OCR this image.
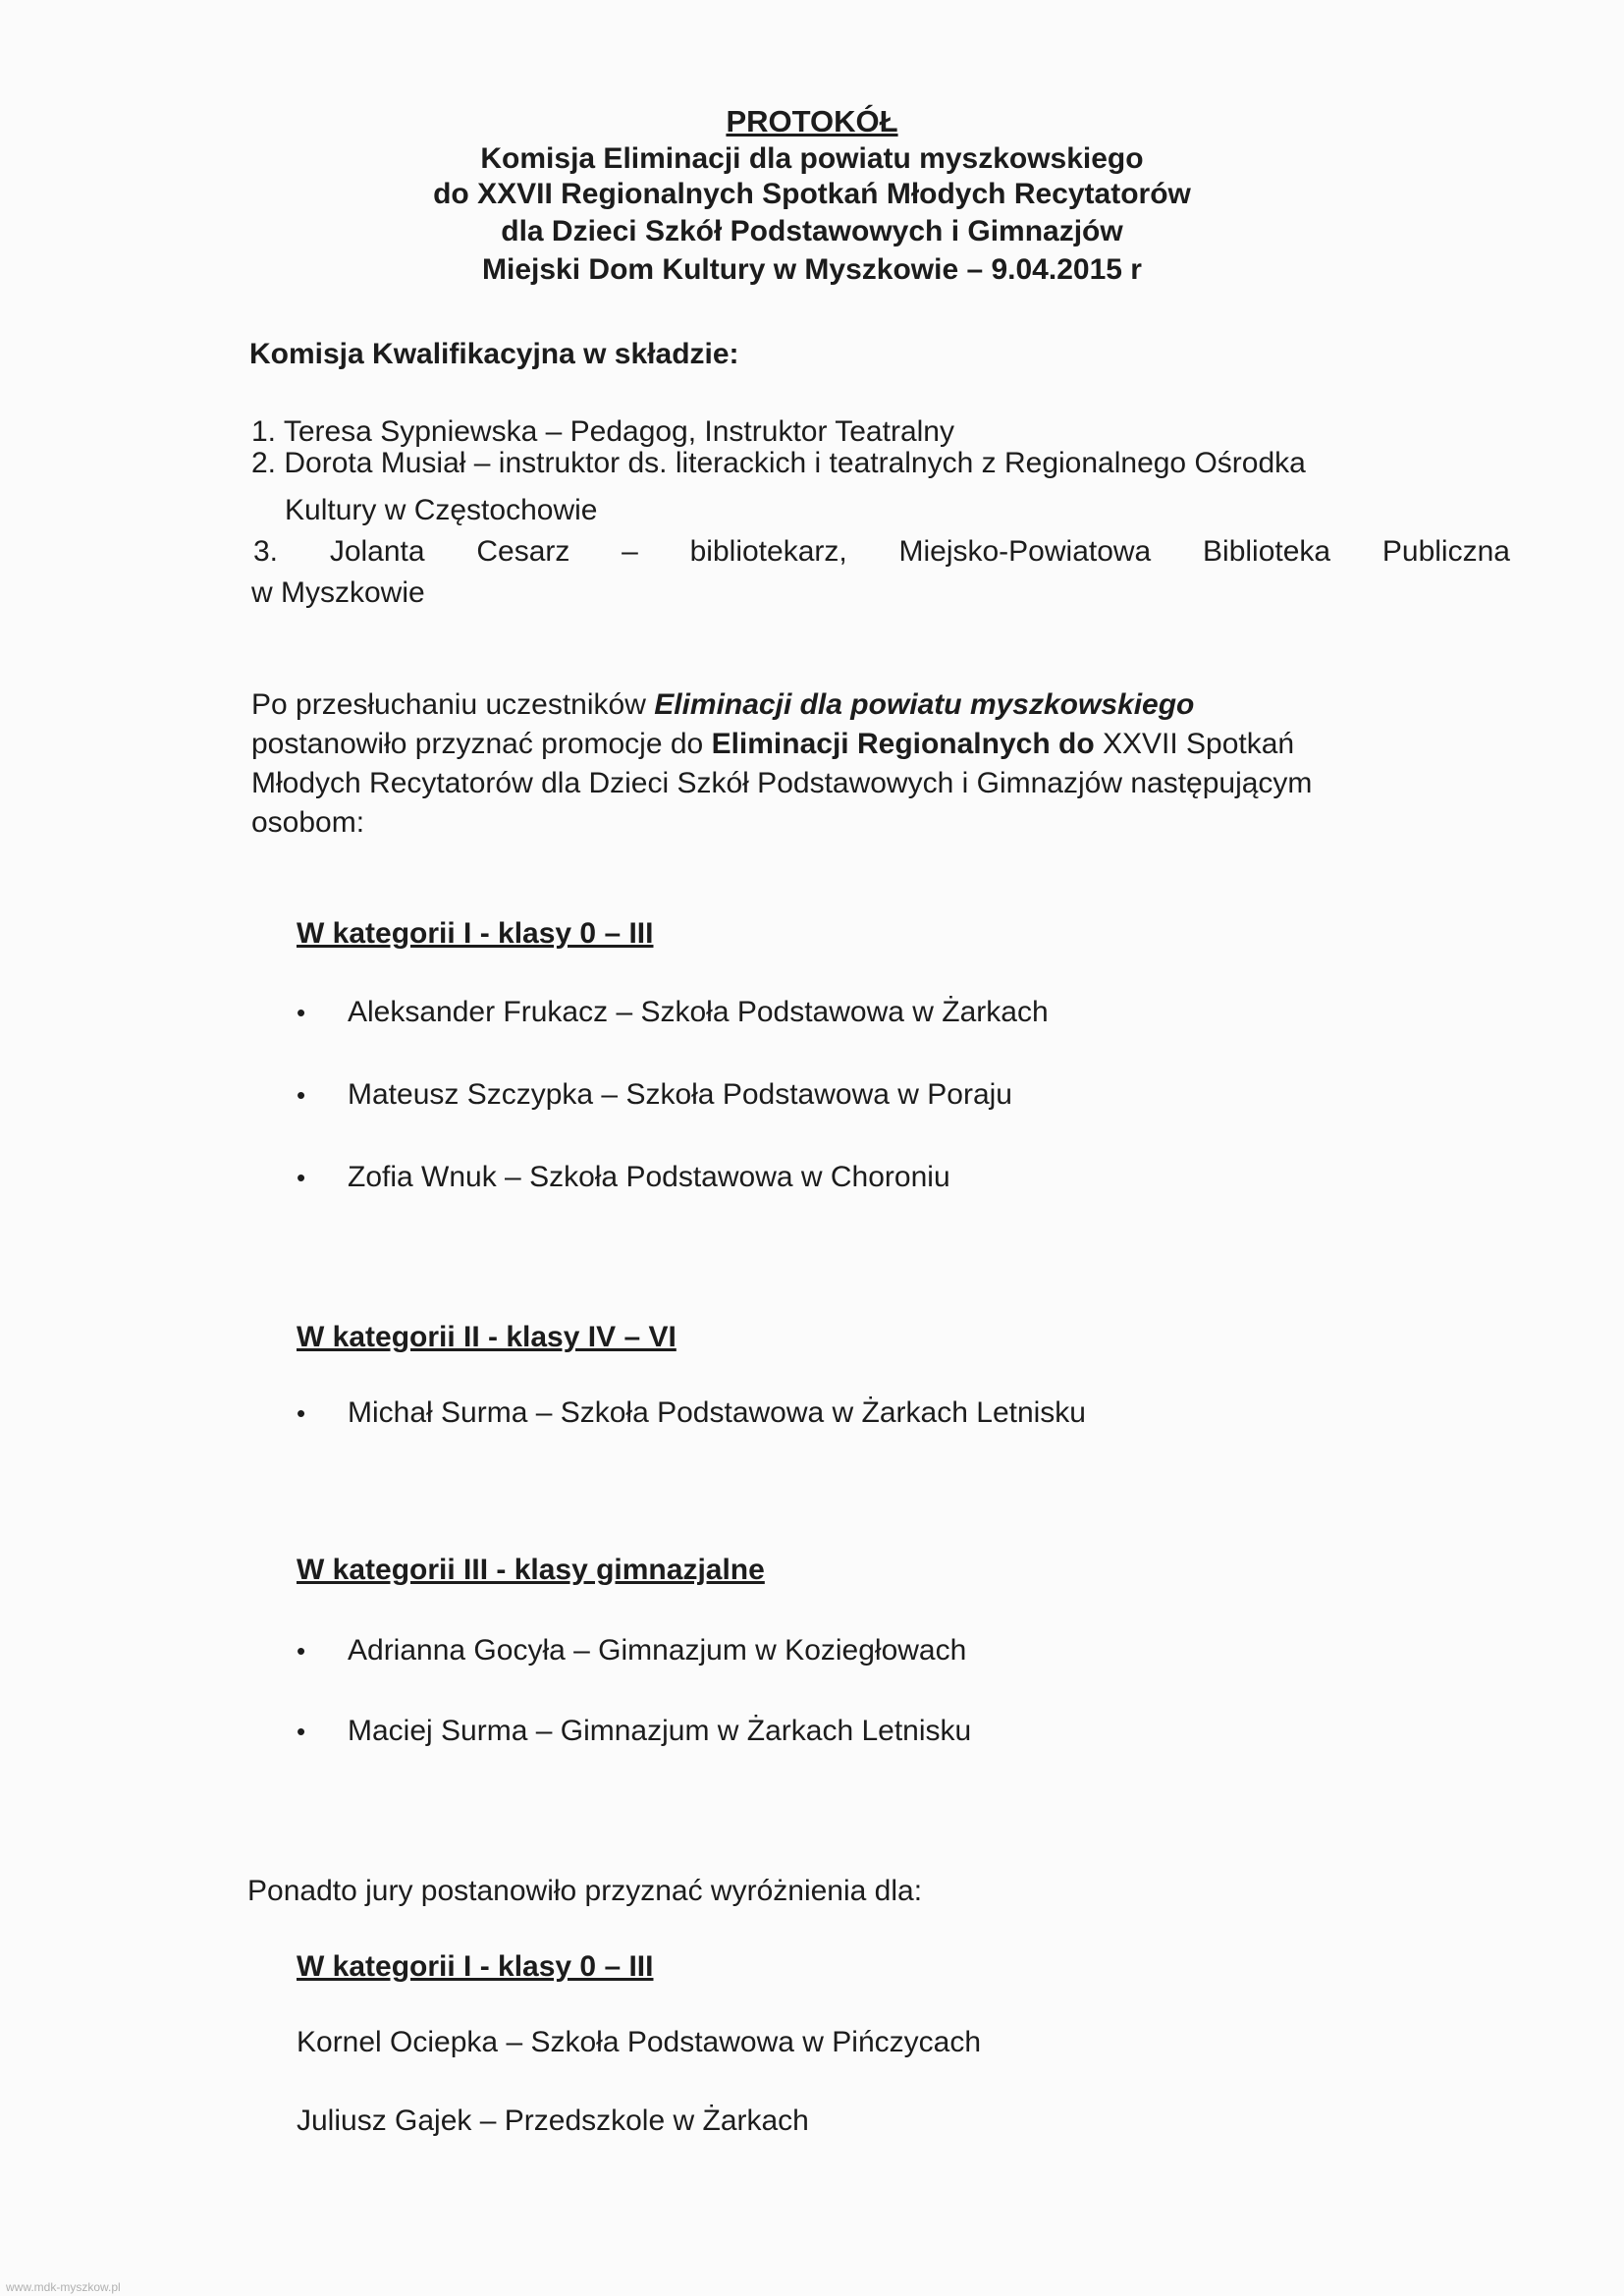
PROTOKÓŁ
Komisja Eliminacji dla powiatu myszkowskiego
do XXVII Regionalnych Spotkań Młodych Recytatorów
dla Dzieci Szkół Podstawowych i Gimnazjów
Miejski Dom Kultury w Myszkowie – 9.04.2015 r
Komisja Kwalifikacyjna w składzie:
1. Teresa Sypniewska – Pedagog, Instruktor Teatralny
2. Dorota Musiał – instruktor ds. literackich i teatralnych z Regionalnego Ośrodka
Kultury w Częstochowie
3. Jolanta Cesarz – bibliotekarz, Miejsko-Powiatowa Biblioteka Publiczna
w Myszkowie
Po przesłuchaniu uczestników Eliminacji dla powiatu myszkowskiego
postanowiło przyznać promocje do Eliminacji Regionalnych do XXVII Spotkań
Młodych Recytatorów dla Dzieci Szkół Podstawowych i Gimnazjów następującym
osobom:
W kategorii I - klasy 0 – III
• Aleksander Frukacz – Szkoła Podstawowa w Żarkach
• Mateusz Szczypka – Szkoła Podstawowa w Poraju
• Zofia Wnuk – Szkoła Podstawowa w Choroniu
W kategorii II - klasy IV – VI
• Michał Surma – Szkoła Podstawowa w Żarkach Letnisku
W kategorii III - klasy gimnazjalne
• Adrianna Gocyła – Gimnazjum w Koziegłowach
• Maciej Surma – Gimnazjum w Żarkach Letnisku
Ponadto jury postanowiło przyznać wyróżnienia dla:
W kategorii I - klasy 0 – III
Kornel Ociepka – Szkoła Podstawowa w Pińczycach
Juliusz Gajek – Przedszkole w Żarkach
www.mdk-myszkow.pl
